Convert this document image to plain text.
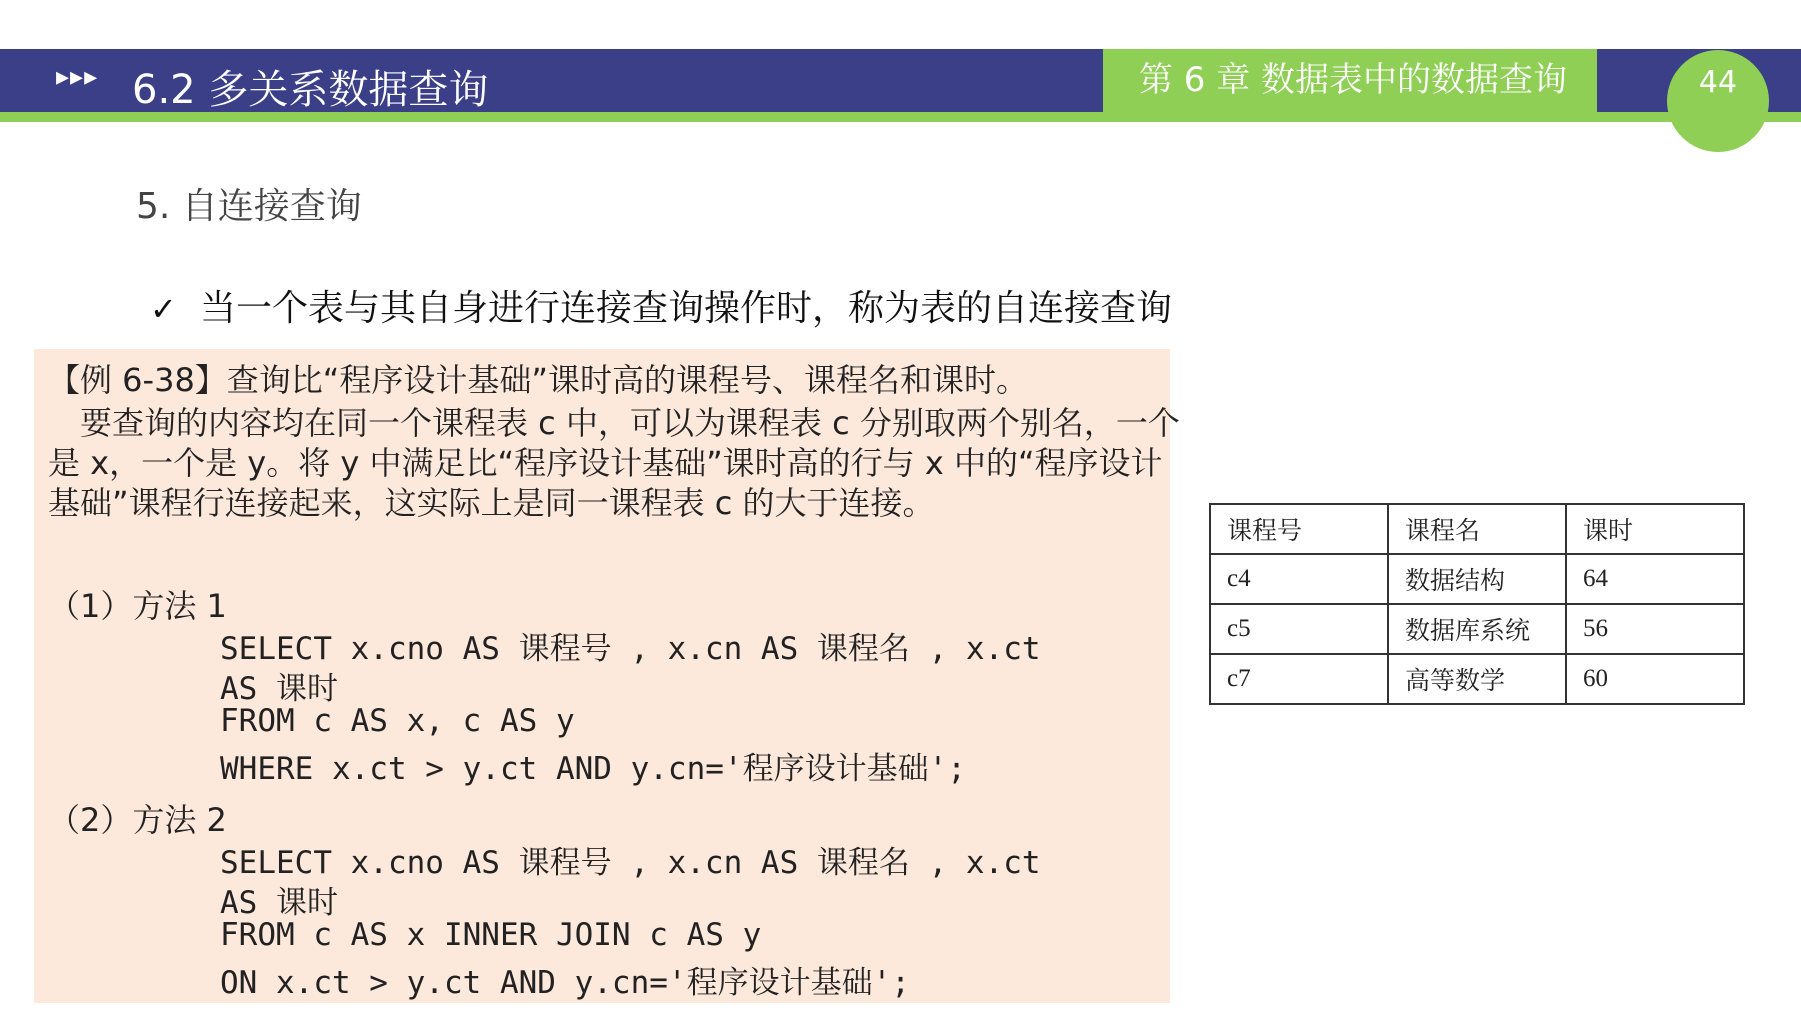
▸▸▸ 6.2 多关系数据查询	第 6 章 数据表中的数据查询	44
5. 自连接查询
✓ 当一个表与其自身进行连接查询操作时，称为表的自连接查询
【例 6-38】查询比“程序设计基础”课时高的课程号、课程名和课时。
　要查询的内容均在同一个课程表 c 中，可以为课程表 c 分别取两个别名，一个是 x，一个是 y。将 y 中满足比“程序设计基础”课时高的行与 x 中的“程序设计基础”课程行连接起来，这实际上是同一课程表 c 的大于连接。
（1）方法 1
SELECT x.cno AS 课程号 , x.cn AS 课程名 , x.ct
AS 课时
FROM c AS x, c AS y
WHERE x.ct > y.ct AND y.cn='程序设计基础';
（2）方法 2
SELECT x.cno AS 课程号 , x.cn AS 课程名 , x.ct
AS 课时
FROM c AS x INNER JOIN c AS y
ON x.ct > y.ct AND y.cn='程序设计基础';
课程号	课程名	课时
c4	数据结构	64
c5	数据库系统	56
c7	高等数学	60
